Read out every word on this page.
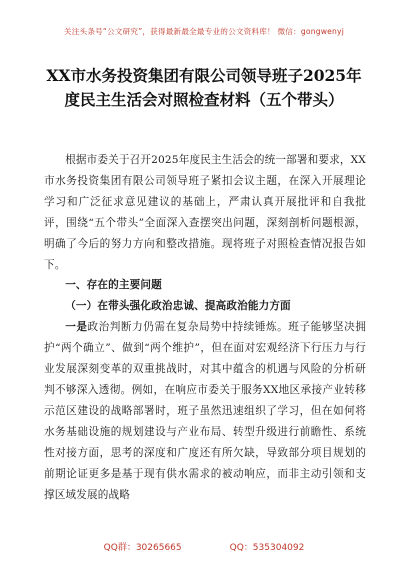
关注头条号“公文研究”，获得最新最全最专业的公文资料库！ 微信：gongwenyj
XX市水务投资集团有限公司领导班子2025年度民主生活会对照检查材料（五个带头）

根据市委关于召开2025年度民主生活会的统一部署和要求，XX市水务投资集团有限公司领导班子紧扣会议主题，在深入开展理论学习和广泛征求意见建议的基础上，严肃认真开展批评和自我批评，围绕“五个带头”全面深入查摆突出问题，深刻剖析问题根源，明确了今后的努力方向和整改措施。现将班子对照检查情况报告如下。

一、存在的主要问题

（一）在带头强化政治忠诚、提高政治能力方面

一是政治判断力仍需在复杂局势中持续锤炼。班子能够坚决拥护“两个确立”、做到“两个维护”，但在面对宏观经济下行压力与行业发展深刻变革的双重挑战时，对其中蕴含的机遇与风险的分析研判不够深入透彻。例如，在响应市委关于服务XX地区承接产业转移示范区建设的战略部署时，班子虽然迅速组织了学习，但在如何将水务基础设施的规划建设与产业布局、转型升级进行前瞻性、系统性对接方面，思考的深度和广度还有所欠缺，导致部分项目规划的前期论证更多是基于现有供水需求的被动响应，而非主动引领和支撑区域发展的战略

QQ群：30265665	QQ：535304092
